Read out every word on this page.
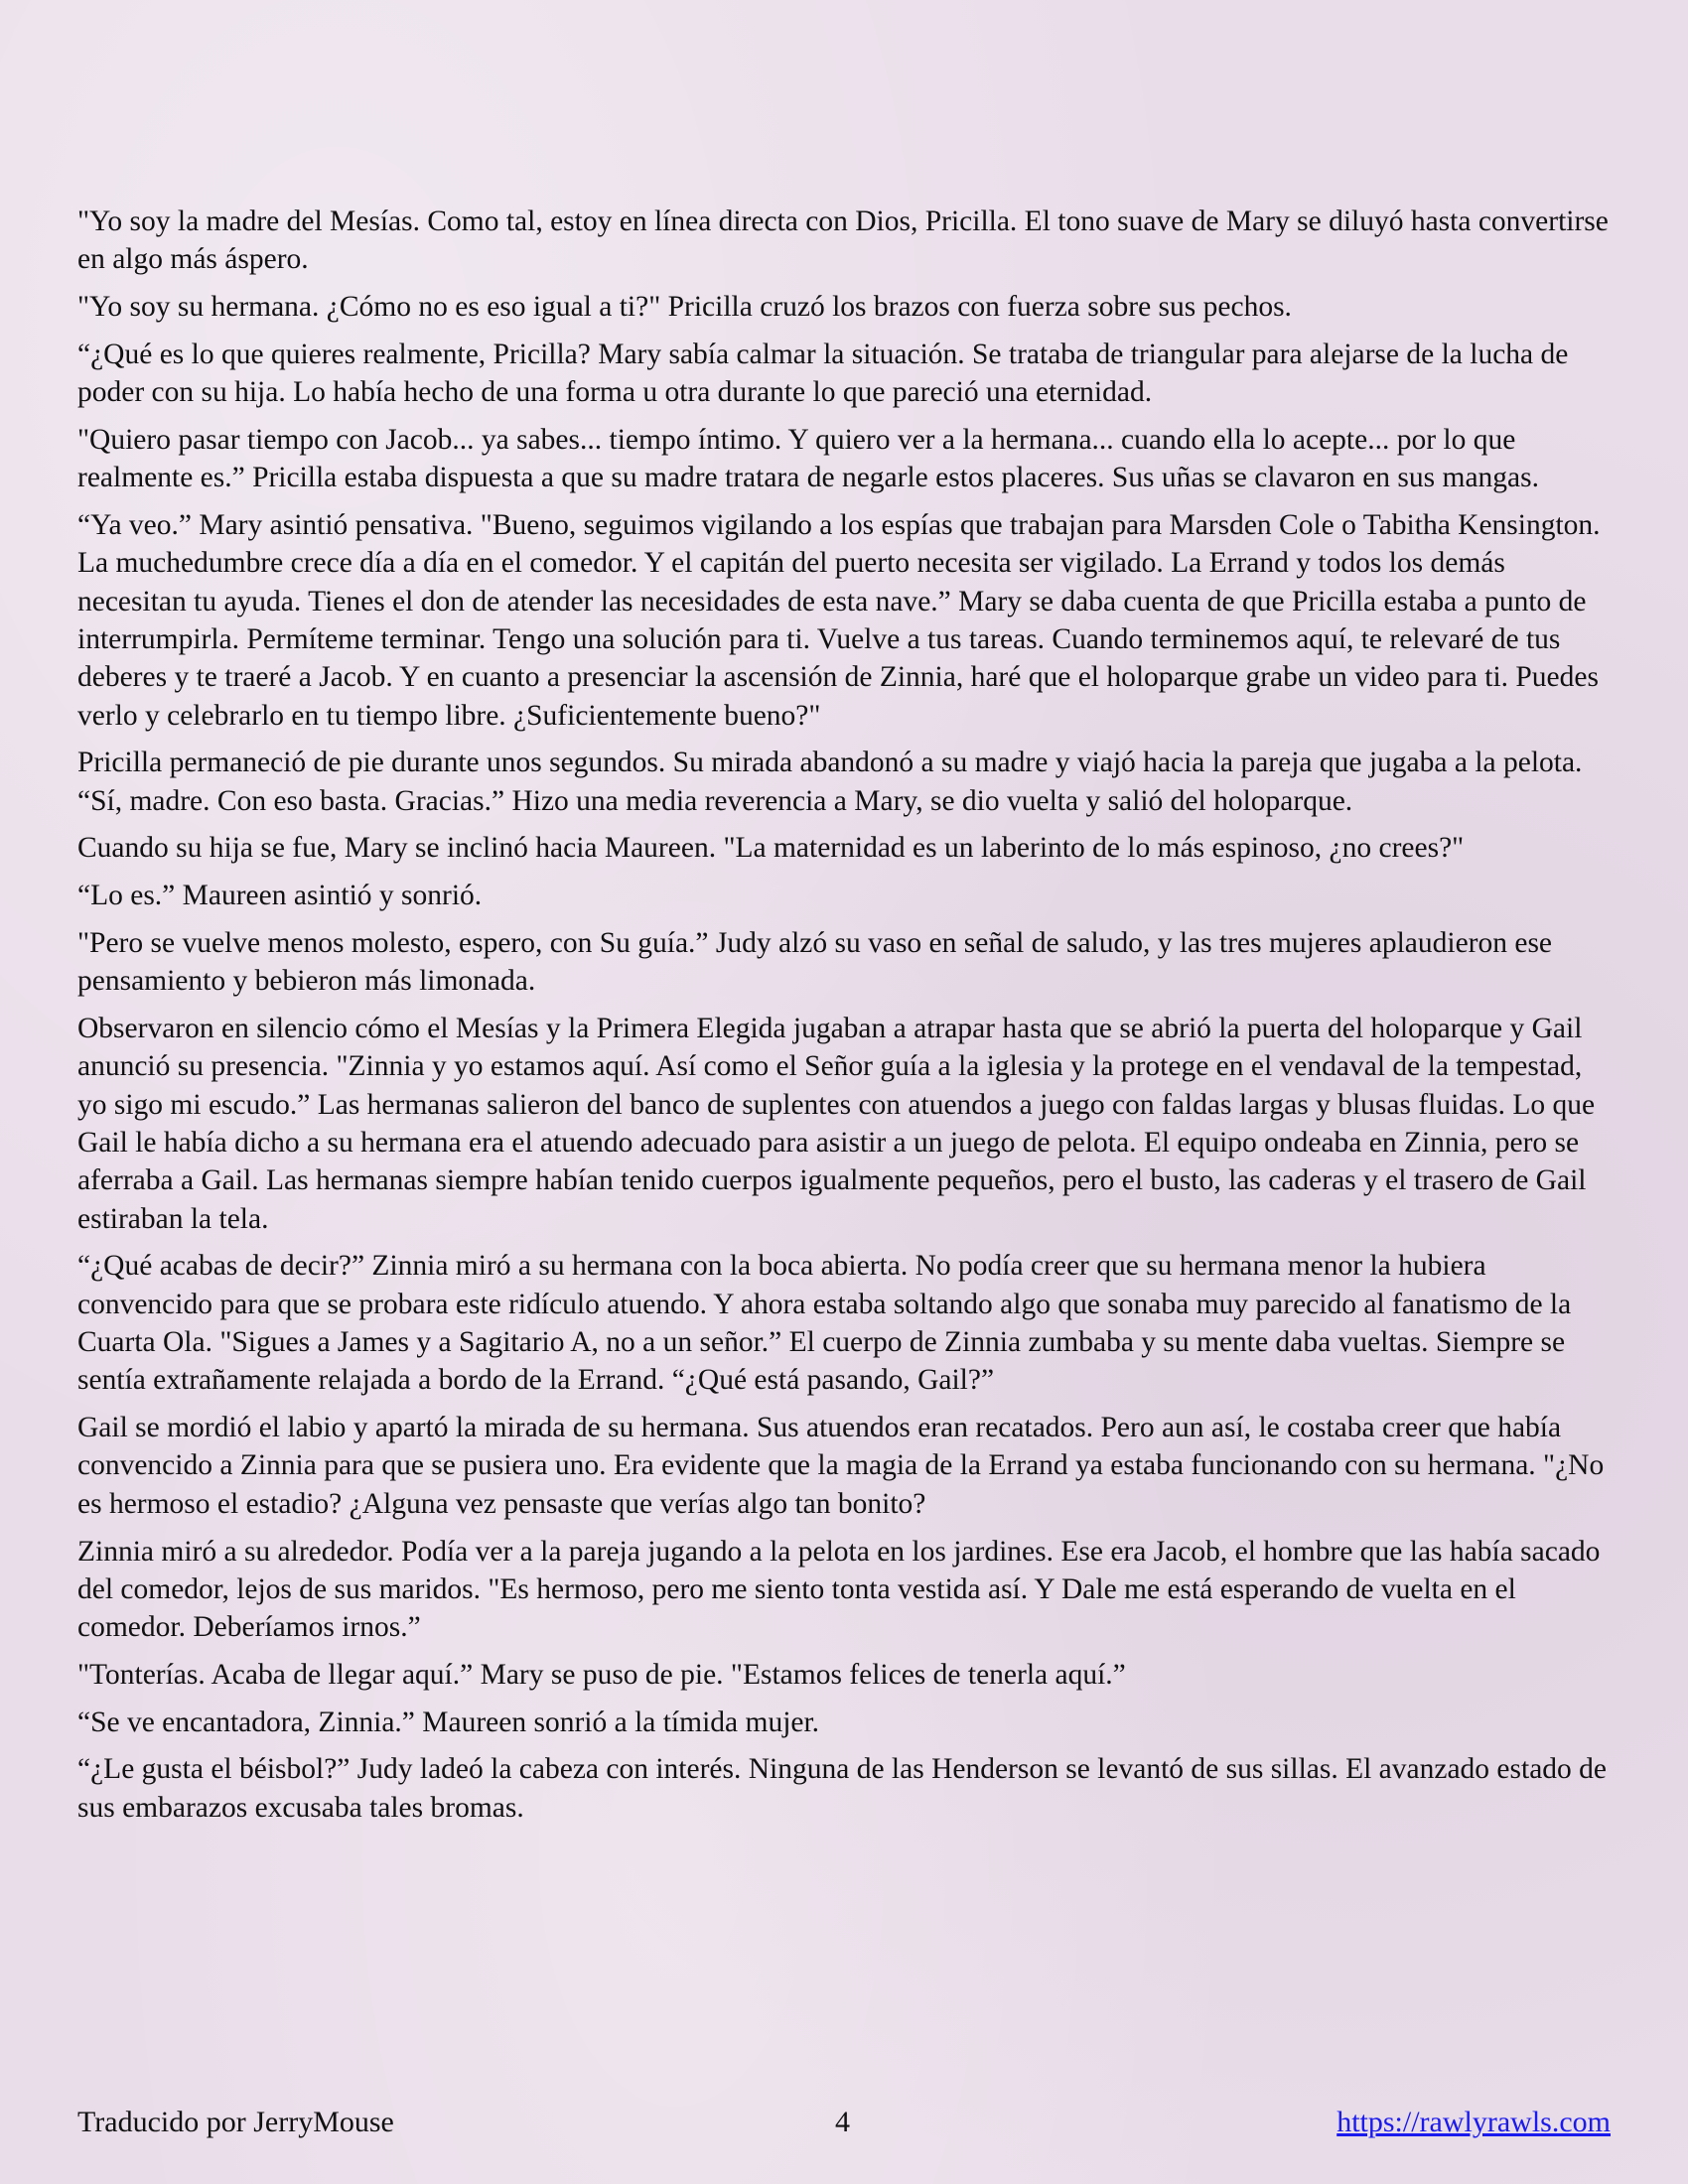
"Yo soy la madre del Mesías. Como tal, estoy en línea directa con Dios, Pricilla. El tono suave de Mary se diluyó hasta convertirse en algo más áspero.

"Yo soy su hermana. ¿Cómo no es eso igual a ti?" Pricilla cruzó los brazos con fuerza sobre sus pechos.

“¿Qué es lo que quieres realmente, Pricilla? Mary sabía calmar la situación. Se trataba de triangular para alejarse de la lucha de poder con su hija. Lo había hecho de una forma u otra durante lo que pareció una eternidad.

"Quiero pasar tiempo con Jacob... ya sabes... tiempo íntimo. Y quiero ver a la hermana... cuando ella lo acepte... por lo que realmente es.” Pricilla estaba dispuesta a que su madre tratara de negarle estos placeres. Sus uñas se clavaron en sus mangas.

“Ya veo.” Mary asintió pensativa. "Bueno, seguimos vigilando a los espías que trabajan para Marsden Cole o Tabitha Kensington. La muchedumbre crece día a día en el comedor. Y el capitán del puerto necesita ser vigilado. La Errand y todos los demás necesitan tu ayuda. Tienes el don de atender las necesidades de esta nave.” Mary se daba cuenta de que Pricilla estaba a punto de interrumpirla. Permíteme terminar. Tengo una solución para ti. Vuelve a tus tareas. Cuando terminemos aquí, te relevaré de tus deberes y te traeré a Jacob. Y en cuanto a presenciar la ascensión de Zinnia, haré que el holoparque grabe un video para ti. Puedes verlo y celebrarlo en tu tiempo libre. ¿Suficientemente bueno?"

Pricilla permaneció de pie durante unos segundos. Su mirada abandonó a su madre y viajó hacia la pareja que jugaba a la pelota. “Sí, madre. Con eso basta. Gracias.” Hizo una media reverencia a Mary, se dio vuelta y salió del holoparque.

Cuando su hija se fue, Mary se inclinó hacia Maureen. "La maternidad es un laberinto de lo más espinoso, ¿no crees?"

“Lo es.” Maureen asintió y sonrió.

"Pero se vuelve menos molesto, espero, con Su guía.” Judy alzó su vaso en señal de saludo, y las tres mujeres aplaudieron ese pensamiento y bebieron más limonada.

Observaron en silencio cómo el Mesías y la Primera Elegida jugaban a atrapar hasta que se abrió la puerta del holoparque y Gail anunció su presencia. "Zinnia y yo estamos aquí. Así como el Señor guía a la iglesia y la protege en el vendaval de la tempestad, yo sigo mi escudo.” Las hermanas salieron del banco de suplentes con atuendos a juego con faldas largas y blusas fluidas. Lo que Gail le había dicho a su hermana era el atuendo adecuado para asistir a un juego de pelota. El equipo ondeaba en Zinnia, pero se aferraba a Gail. Las hermanas siempre habían tenido cuerpos igualmente pequeños, pero el busto, las caderas y el trasero de Gail estiraban la tela.

“¿Qué acabas de decir?” Zinnia miró a su hermana con la boca abierta. No podía creer que su hermana menor la hubiera convencido para que se probara este ridículo atuendo. Y ahora estaba soltando algo que sonaba muy parecido al fanatismo de la Cuarta Ola. "Sigues a James y a Sagitario A, no a un señor.” El cuerpo de Zinnia zumbaba y su mente daba vueltas. Siempre se sentía extrañamente relajada a bordo de la Errand. “¿Qué está pasando, Gail?”

Gail se mordió el labio y apartó la mirada de su hermana. Sus atuendos eran recatados. Pero aun así, le costaba creer que había convencido a Zinnia para que se pusiera uno. Era evidente que la magia de la Errand ya estaba funcionando con su hermana. "¿No es hermoso el estadio? ¿Alguna vez pensaste que verías algo tan bonito?

Zinnia miró a su alrededor. Podía ver a la pareja jugando a la pelota en los jardines. Ese era Jacob, el hombre que las había sacado del comedor, lejos de sus maridos. "Es hermoso, pero me siento tonta vestida así. Y Dale me está esperando de vuelta en el comedor. Deberíamos irnos.”

"Tonterías. Acaba de llegar aquí.” Mary se puso de pie. "Estamos felices de tenerla aquí.”

“Se ve encantadora, Zinnia.” Maureen sonrió a la tímida mujer.

“¿Le gusta el béisbol?” Judy ladeó la cabeza con interés. Ninguna de las Henderson se levantó de sus sillas. El avanzado estado de sus embarazos excusaba tales bromas.

Traducido por JerryMouse	4	https://rawlyrawls.com
